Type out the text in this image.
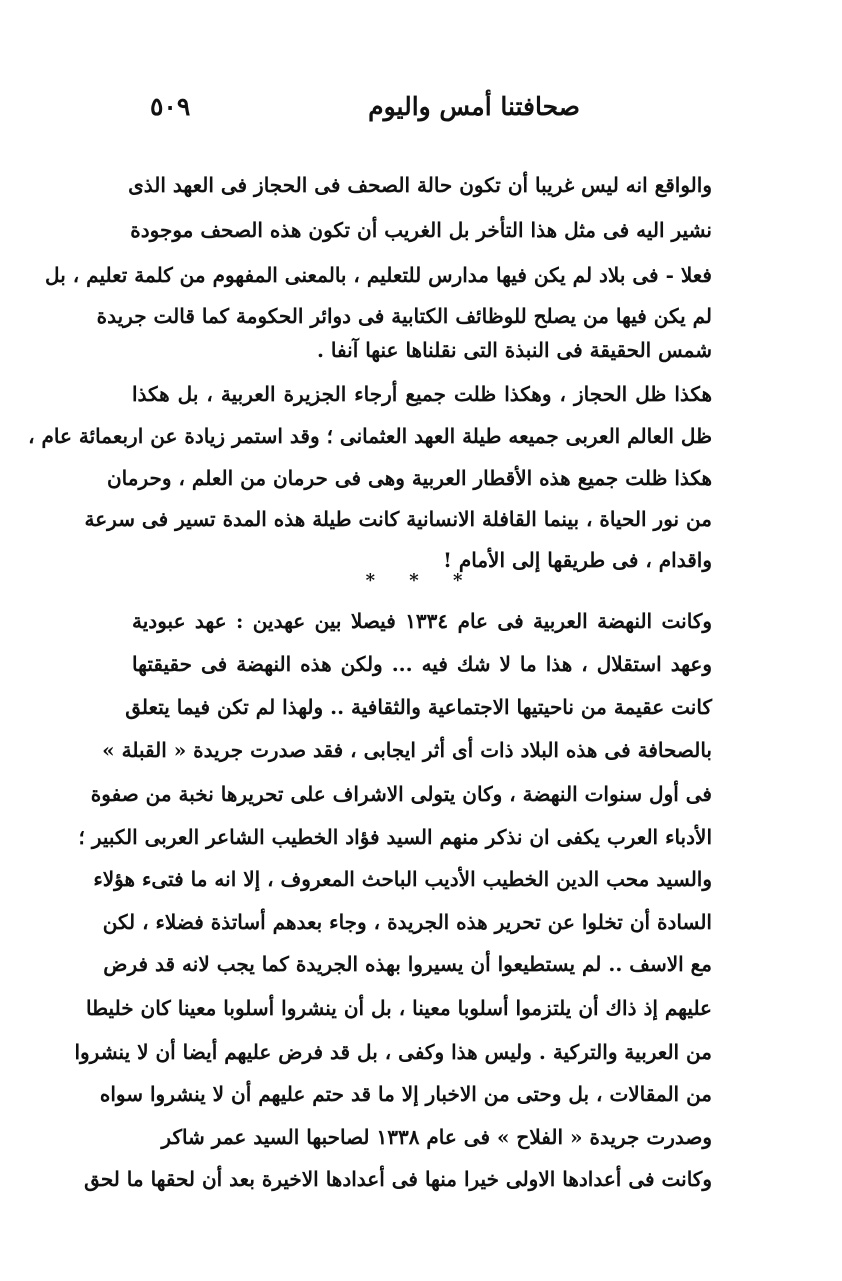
صحافتنا أمس واليوم
٥٠٩
والواقع انه ليس غريبا أن تكون حالة الصحف فى الحجاز فى العهد الذى
نشير اليه فى مثل هذا التأخر بل الغريب أن تكون هذه الصحف موجودة
فعلا - فى بلاد لم يكن فيها مدارس للتعليم ، بالمعنى المفهوم من كلمة تعليم ، بل
لم يكن فيها من يصلح للوظائف الكتابية فى دوائر الحكومة كما قالت جريدة
شمس الحقيقة فى النبذة التى نقلناها عنها آنفا .
هكذا ظل الحجاز ، وهكذا ظلت جميع أرجاء الجزيرة العربية ، بل هكذا
ظل العالم العربى جميعه طيلة العهد العثمانى ؛ وقد استمر زيادة عن اربعمائة عام ،
هكذا ظلت جميع هذه الأقطار العربية وهى فى حرمان من العلم ، وحرمان
من نور الحياة ، بينما القافلة الانسانية كانت طيلة هذه المدة تسير فى سرعة
واقدام ، فى طريقها إلى الأمام !
* * *
وكانت النهضة العربية فى عام ١٣٣٤ فيصلا بين عهدين : عهد عبودية
وعهد استقلال ، هذا ما لا شك فيه ... ولكن هذه النهضة فى حقيقتها
كانت عقيمة من ناحيتيها الاجتماعية والثقافية .. ولهذا لم تكن فيما يتعلق
بالصحافة فى هذه البلاد ذات أى أثر ايجابى ، فقد صدرت جريدة « القبلة »
فى أول سنوات النهضة ، وكان يتولى الاشراف على تحريرها نخبة من صفوة
الأدباء العرب يكفى ان نذكر منهم السيد فؤاد الخطيب الشاعر العربى الكبير ؛
والسيد محب الدين الخطيب الأديب الباحث المعروف ، إلا انه ما فتىء هؤلاء
السادة أن تخلوا عن تحرير هذه الجريدة ، وجاء بعدهم أساتذة فضلاء ، لكن
مع الاسف .. لم يستطيعوا أن يسيروا بهذه الجريدة كما يجب لانه قد فرض
عليهم إذ ذاك أن يلتزموا أسلوبا معينا ، بل أن ينشروا أسلوبا معينا كان خليطا
من العربية والتركية . وليس هذا وكفى ، بل قد فرض عليهم أيضا أن لا ينشروا
من المقالات ، بل وحتى من الاخبار إلا ما قد حتم عليهم أن لا ينشروا سواه
وصدرت جريدة « الفلاح » فى عام ١٣٣٨ لصاحبها السيد عمر شاكر
وكانت فى أعدادها الاولى خيرا منها فى أعدادها الاخيرة بعد أن لحقها ما لحق
